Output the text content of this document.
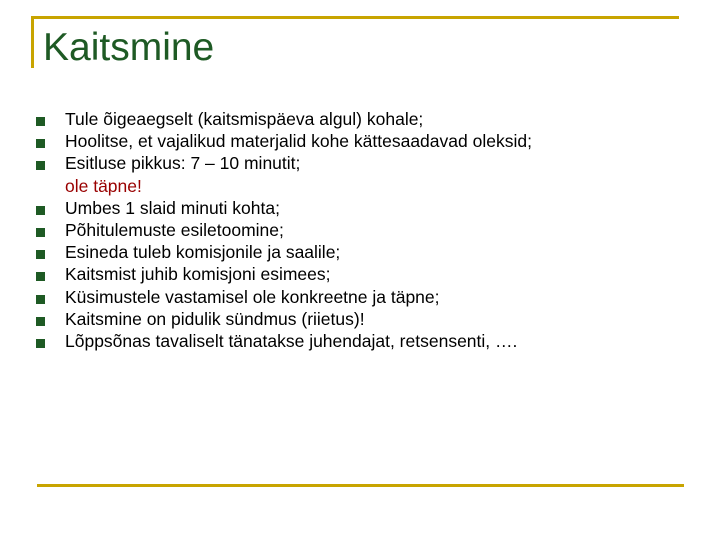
Kaitsmine
Tule õigeaegselt (kaitsmispäeva algul) kohale;
Hoolitse, et vajalikud materjalid kohe kättesaadavad oleksid;
Esitluse pikkus: 7 – 10 minutit;
ole täpne!
Umbes 1 slaid minuti kohta;
Põhitulemuste esiletoomine;
Esineda tuleb komisjonile ja saalile;
Kaitsmist juhib komisjoni esimees;
Küsimustele vastamisel ole konkreetne ja täpne;
Kaitsmine on pidulik sündmus (riietus)!
Lõppsõnas tavaliselt tänatakse juhendajat, retsensenti, ….
